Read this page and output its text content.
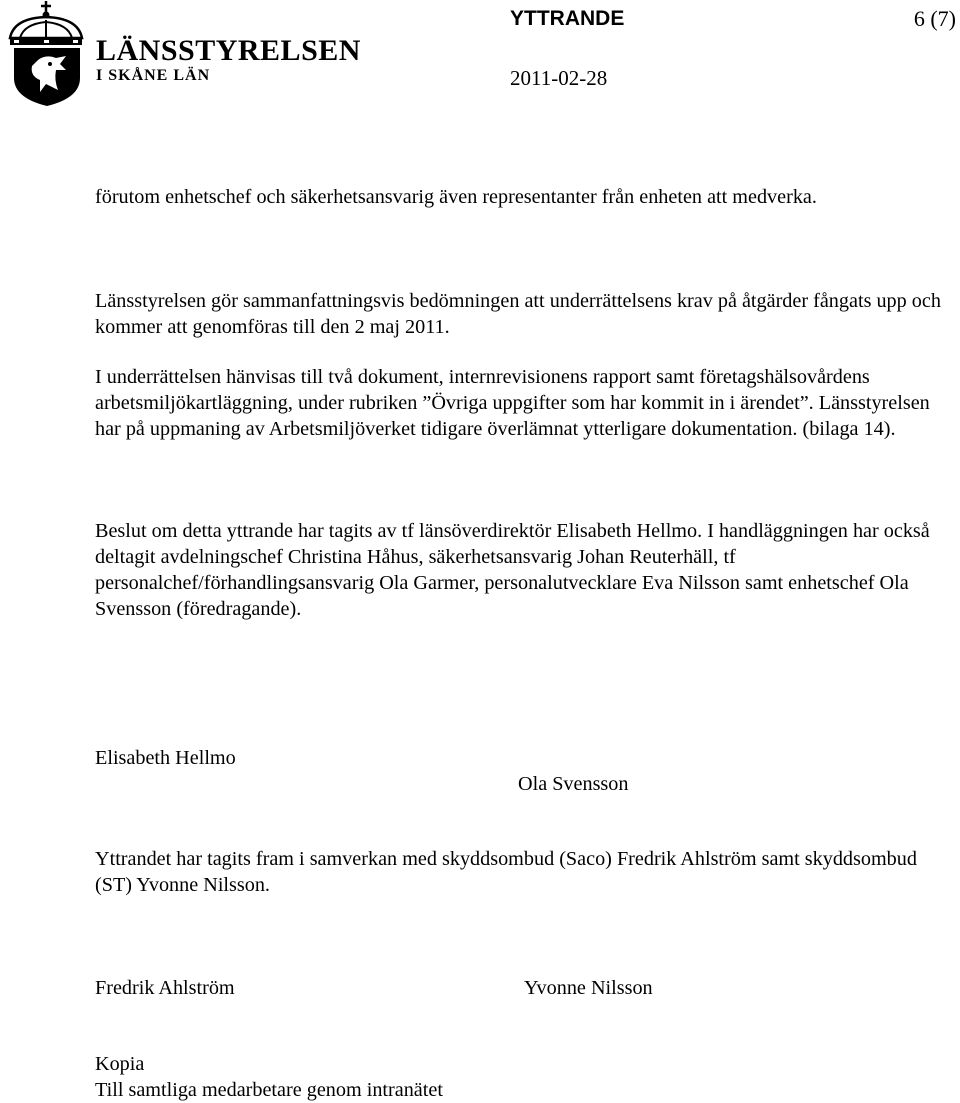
LÄNSSTYRELSEN
I SKÅNE LÄN
YTTRANDE	6 (7)
2011-02-28

förutom enhetschef och säkerhetsansvarig även representanter från enheten att medverka.

Länsstyrelsen gör sammanfattningsvis bedömningen att underrättelsens krav på åtgärder fångats upp och kommer att genomföras till den 2 maj 2011.

I underrättelsen hänvisas till två dokument, internrevisionens rapport samt företagshälsovårdens arbetsmiljökartläggning, under rubriken ”Övriga uppgifter som har kommit in i ärendet”. Länsstyrelsen har på uppmaning av Arbetsmiljöverket tidigare överlämnat ytterligare dokumentation. (bilaga 14).

Beslut om detta yttrande har tagits av tf länsöverdirektör Elisabeth Hellmo. I handläggningen har också deltagit avdelningschef Christina Håhus, säkerhetsansvarig Johan Reuterhäll, tf personalchef/förhandlingsansvarig Ola Garmer, personalutvecklare Eva Nilsson samt enhetschef Ola Svensson (föredragande).

Elisabeth Hellmo
Ola Svensson

Yttrandet har tagits fram i samverkan med skyddsombud (Saco) Fredrik Ahlström samt skyddsombud (ST) Yvonne Nilsson.

Fredrik Ahlström	Yvonne Nilsson
Kopia
Till samtliga medarbetare genom intranätet
